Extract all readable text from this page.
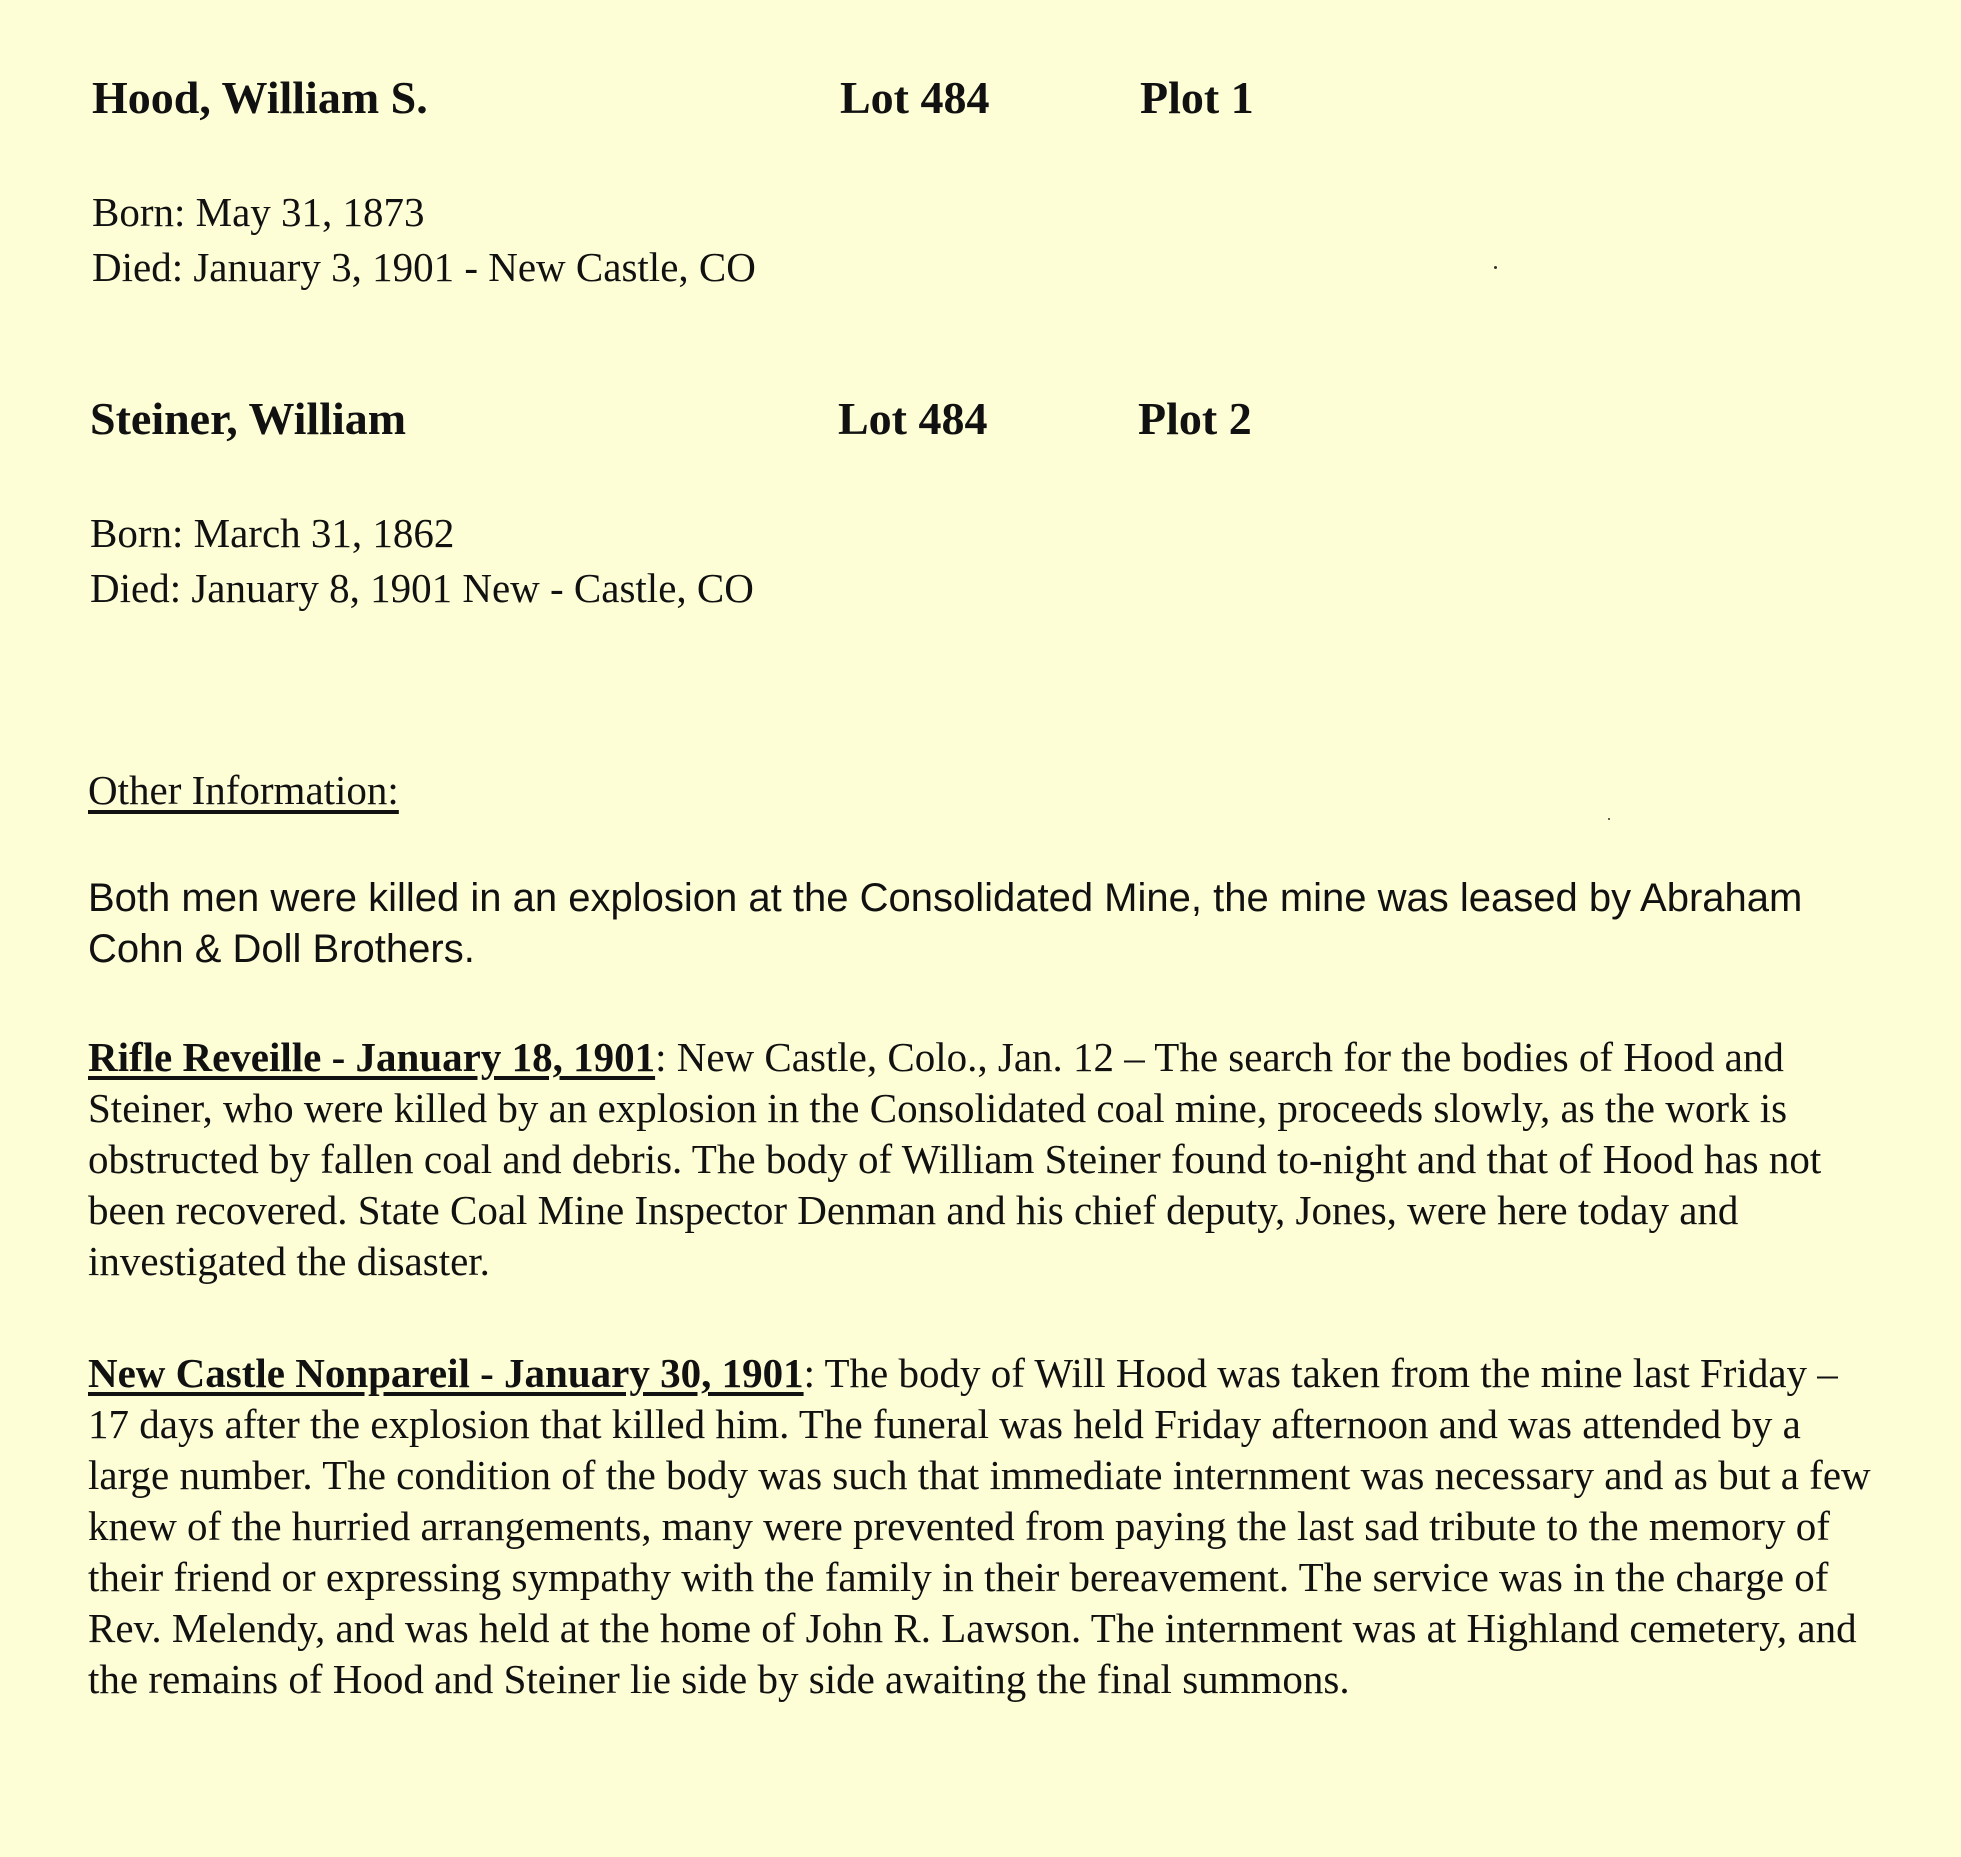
Hood, William S.	Lot 484	Plot 1
Born: May 31, 1873
Died: January 3, 1901 - New Castle, CO
Steiner, William	Lot 484	Plot 2
Born: March 31, 1862
Died: January 8, 1901 New - Castle, CO
Other Information:

Both men were killed in an explosion at the Consolidated Mine, the mine was leased by Abraham Cohn & Doll Brothers.

Rifle Reveille - January 18, 1901: New Castle, Colo., Jan. 12 – The search for the bodies of Hood and Steiner, who were killed by an explosion in the Consolidated coal mine, proceeds slowly, as the work is obstructed by fallen coal and debris. The body of William Steiner found to-night and that of Hood has not been recovered. State Coal Mine Inspector Denman and his chief deputy, Jones, were here today and investigated the disaster.

New Castle Nonpareil - January 30, 1901: The body of Will Hood was taken from the mine last Friday – 17 days after the explosion that killed him. The funeral was held Friday afternoon and was attended by a large number. The condition of the body was such that immediate internment was necessary and as but a few knew of the hurried arrangements, many were prevented from paying the last sad tribute to the memory of their friend or expressing sympathy with the family in their bereavement. The service was in the charge of Rev. Melendy, and was held at the home of John R. Lawson. The internment was at Highland cemetery, and the remains of Hood and Steiner lie side by side awaiting the final summons.
